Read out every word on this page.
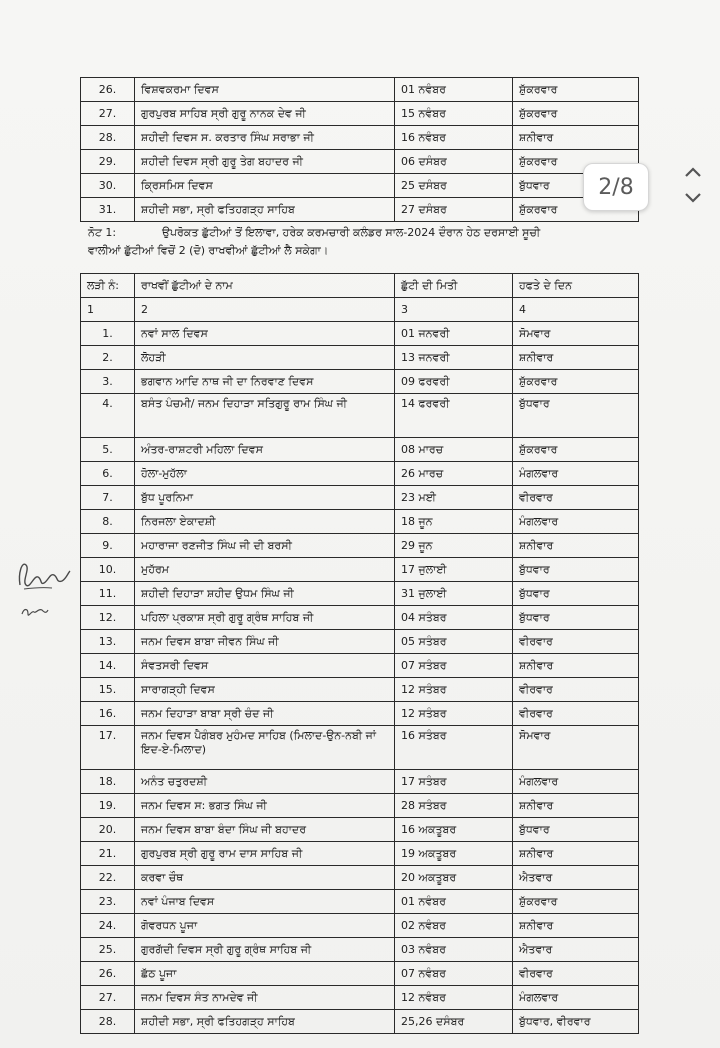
26.	ਵਿਸ਼ਵਕਰਮਾ ਦਿਵਸ	01 ਨਵੰਬਰ	ਸ਼ੁੱਕਰਵਾਰ
27.	ਗੁਰਪੁਰਬ ਸਾਹਿਬ ਸ੍ਰੀ ਗੁਰੂ ਨਾਨਕ ਦੇਵ ਜੀ	15 ਨਵੰਬਰ	ਸ਼ੁੱਕਰਵਾਰ
28.	ਸ਼ਹੀਦੀ ਦਿਵਸ ਸ. ਕਰਤਾਰ ਸਿੰਘ ਸਰਾਭਾ ਜੀ	16 ਨਵੰਬਰ	ਸ਼ਨੀਵਾਰ
29.	ਸ਼ਹੀਦੀ ਦਿਵਸ ਸ੍ਰੀ ਗੁਰੂ ਤੇਗ ਬਹਾਦਰ ਜੀ	06 ਦਸੰਬਰ	ਸ਼ੁੱਕਰਵਾਰ
30.	ਕ੍ਰਿਸਮਿਸ ਦਿਵਸ	25 ਦਸੰਬਰ	ਬੁੱਧਵਾਰ
31.	ਸ਼ਹੀਦੀ ਸਭਾ, ਸ੍ਰੀ ਫਤਿਹਗੜ੍ਹ ਸਾਹਿਬ	27 ਦਸੰਬਰ	ਸ਼ੁੱਕਰਵਾਰ
ਨੋਟ 1:	ਉਪਰੋਕਤ ਛੁੱਟੀਆਂ ਤੋਂ ਇਲਾਵਾ, ਹਰੇਕ ਕਰਮਚਾਰੀ ਕਲੰਡਰ ਸਾਲ-2024 ਦੌਰਾਨ ਹੇਠ ਦਰਸਾਈ ਸੂਚੀ
ਵਾਲੀਆਂ ਛੁੱਟੀਆਂ ਵਿਚੋਂ 2 (ਦੋ) ਰਾਖਵੀਆਂ ਛੁੱਟੀਆਂ ਲੈ ਸਕੇਗਾ।
ਲੜੀ ਨੰ:	ਰਾਖਵੀਂ ਛੁੱਟੀਆਂ ਦੇ ਨਾਮ	ਛੁੱਟੀ ਦੀ ਮਿਤੀ	ਹਫਤੇ ਦੇ ਦਿਨ
1	2	3	4
1.	ਨਵਾਂ ਸਾਲ ਦਿਵਸ	01 ਜਨਵਰੀ	ਸੋਮਵਾਰ
2.	ਲੋਹੜੀ	13 ਜਨਵਰੀ	ਸ਼ਨੀਵਾਰ
3.	ਭਗਵਾਨ ਆਦਿ ਨਾਥ ਜੀ ਦਾ ਨਿਰਵਾਣ ਦਿਵਸ	09 ਫਰਵਰੀ	ਸ਼ੁੱਕਰਵਾਰ
4.	ਬਸੰਤ ਪੰਚਮੀ/ ਜਨਮ ਦਿਹਾੜਾ ਸਤਿਗੁਰੂ ਰਾਮ ਸਿੰਘ ਜੀ	14 ਫਰਵਰੀ	ਬੁੱਧਵਾਰ
5.	ਅੰਤਰ-ਰਾਸ਼ਟਰੀ ਮਹਿਲਾ ਦਿਵਸ	08 ਮਾਰਚ	ਸ਼ੁੱਕਰਵਾਰ
6.	ਹੋਲਾ-ਮੁਹੱਲਾ	26 ਮਾਰਚ	ਮੰਗਲਵਾਰ
7.	ਬੁੱਧ ਪੂਰਨਿਮਾ	23 ਮਈ	ਵੀਰਵਾਰ
8.	ਨਿਰਜਲਾ ਏਕਾਦਸ਼ੀ	18 ਜੂਨ	ਮੰਗਲਵਾਰ
9.	ਮਹਾਰਾਜਾ ਰਣਜੀਤ ਸਿੰਘ ਜੀ ਦੀ ਬਰਸੀ	29 ਜੂਨ	ਸ਼ਨੀਵਾਰ
10.	ਮੁਹੱਰਮ	17 ਜੁਲਾਈ	ਬੁੱਧਵਾਰ
11.	ਸ਼ਹੀਦੀ ਦਿਹਾੜਾ ਸ਼ਹੀਦ ਉਧਮ ਸਿੰਘ ਜੀ	31 ਜੁਲਾਈ	ਬੁੱਧਵਾਰ
12.	ਪਹਿਲਾ ਪ੍ਰਕਾਸ਼ ਸ੍ਰੀ ਗੁਰੂ ਗ੍ਰੰਥ ਸਾਹਿਬ ਜੀ	04 ਸਤੰਬਰ	ਬੁੱਧਵਾਰ
13.	ਜਨਮ ਦਿਵਸ ਬਾਬਾ ਜੀਵਨ ਸਿੰਘ ਜੀ	05 ਸਤੰਬਰ	ਵੀਰਵਾਰ
14.	ਸੰਵਤਸਰੀ ਦਿਵਸ	07 ਸਤੰਬਰ	ਸ਼ਨੀਵਾਰ
15.	ਸਾਰਾਗੜ੍ਹੀ ਦਿਵਸ	12 ਸਤੰਬਰ	ਵੀਰਵਾਰ
16.	ਜਨਮ ਦਿਹਾੜਾ ਬਾਬਾ ਸ੍ਰੀ ਚੰਦ ਜੀ	12 ਸਤੰਬਰ	ਵੀਰਵਾਰ
17.	ਜਨਮ ਦਿਵਸ ਪੈਗੰਬਰ ਮੁਹੰਮਦ ਸਾਹਿਬ (ਮਿਲਾਦ-ਉਨ-ਨਬੀ ਜਾਂ ਇਦ-ਏ-ਮਿਲਾਦ)	16 ਸਤੰਬਰ	ਸੋਮਵਾਰ
18.	ਅਨੰਤ ਚਤੁਰਦਸ਼ੀ	17 ਸਤੰਬਰ	ਮੰਗਲਵਾਰ
19.	ਜਨਮ ਦਿਵਸ ਸ: ਭਗਤ ਸਿੰਘ ਜੀ	28 ਸਤੰਬਰ	ਸ਼ਨੀਵਾਰ
20.	ਜਨਮ ਦਿਵਸ ਬਾਬਾ ਬੰਦਾ ਸਿੰਘ ਜੀ ਬਹਾਦਰ	16 ਅਕਤੂਬਰ	ਬੁੱਧਵਾਰ
21.	ਗੁਰਪੁਰਬ ਸ੍ਰੀ ਗੁਰੂ ਰਾਮ ਦਾਸ ਸਾਹਿਬ ਜੀ	19 ਅਕਤੂਬਰ	ਸ਼ਨੀਵਾਰ
22.	ਕਰਵਾ ਚੌਥ	20 ਅਕਤੂਬਰ	ਐਤਵਾਰ
23.	ਨਵਾਂ ਪੰਜਾਬ ਦਿਵਸ	01 ਨਵੰਬਰ	ਸ਼ੁੱਕਰਵਾਰ
24.	ਗੋਵਰਧਨ ਪੂਜਾ	02 ਨਵੰਬਰ	ਸ਼ਨੀਵਾਰ
25.	ਗੁਰਗੱਦੀ ਦਿਵਸ ਸ੍ਰੀ ਗੁਰੂ ਗ੍ਰੰਥ ਸਾਹਿਬ ਜੀ	03 ਨਵੰਬਰ	ਐਤਵਾਰ
26.	ਛੱਠ ਪੂਜਾ	07 ਨਵੰਬਰ	ਵੀਰਵਾਰ
27.	ਜਨਮ ਦਿਵਸ ਸੰਤ ਨਾਮਦੇਵ ਜੀ	12 ਨਵੰਬਰ	ਮੰਗਲਵਾਰ
28.	ਸ਼ਹੀਦੀ ਸਭਾ, ਸ੍ਰੀ ਫਤਿਹਗੜ੍ਹ ਸਾਹਿਬ	25,26 ਦਸੰਬਰ	ਬੁੱਧਵਾਰ, ਵੀਰਵਾਰ
2/8
